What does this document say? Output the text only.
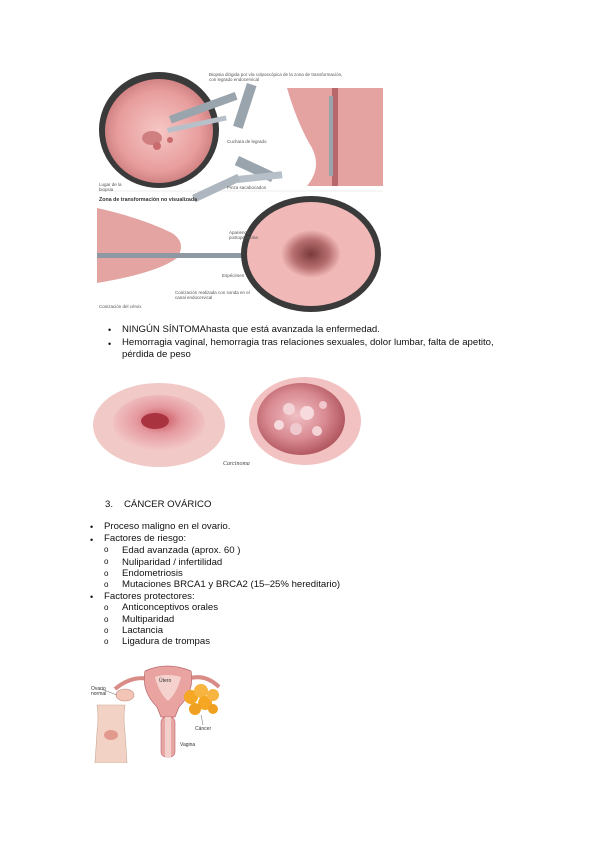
Biopsia dirigida por vía colposcópica de la zona de transformación, con legrado endocervical
Cuchara de legrado
Lugar de la biopsia	Pinza sacabocados
Zona de transformación no visualizada
Apariencia postoperatoria
Espécimen
Conización realizada con sonda en el canal endocervical
Conización del cérvix
• NINGÚN SÍNTOMAhasta que está avanzada la enfermedad.
• Hemorragia vaginal, hemorragia tras relaciones sexuales, dolor lumbar, falta de apetito, pérdida de peso
Carcinoma
3. CÁNCER OVÁRICO
• Proceso maligno en el ovario.
• Factores de riesgo:
o Edad avanzada (aprox. 60 )
o Nuliparidad / infertilidad
o Endometriosis
o Mutaciones BRCA1 y BRCA2 (15–25% hereditario)
• Factores protectores:
o Anticonceptivos orales
o Multiparidad
o Lactancia
o Ligadura de trompas
Ovario normal
Útero
Cáncer
Vagina
